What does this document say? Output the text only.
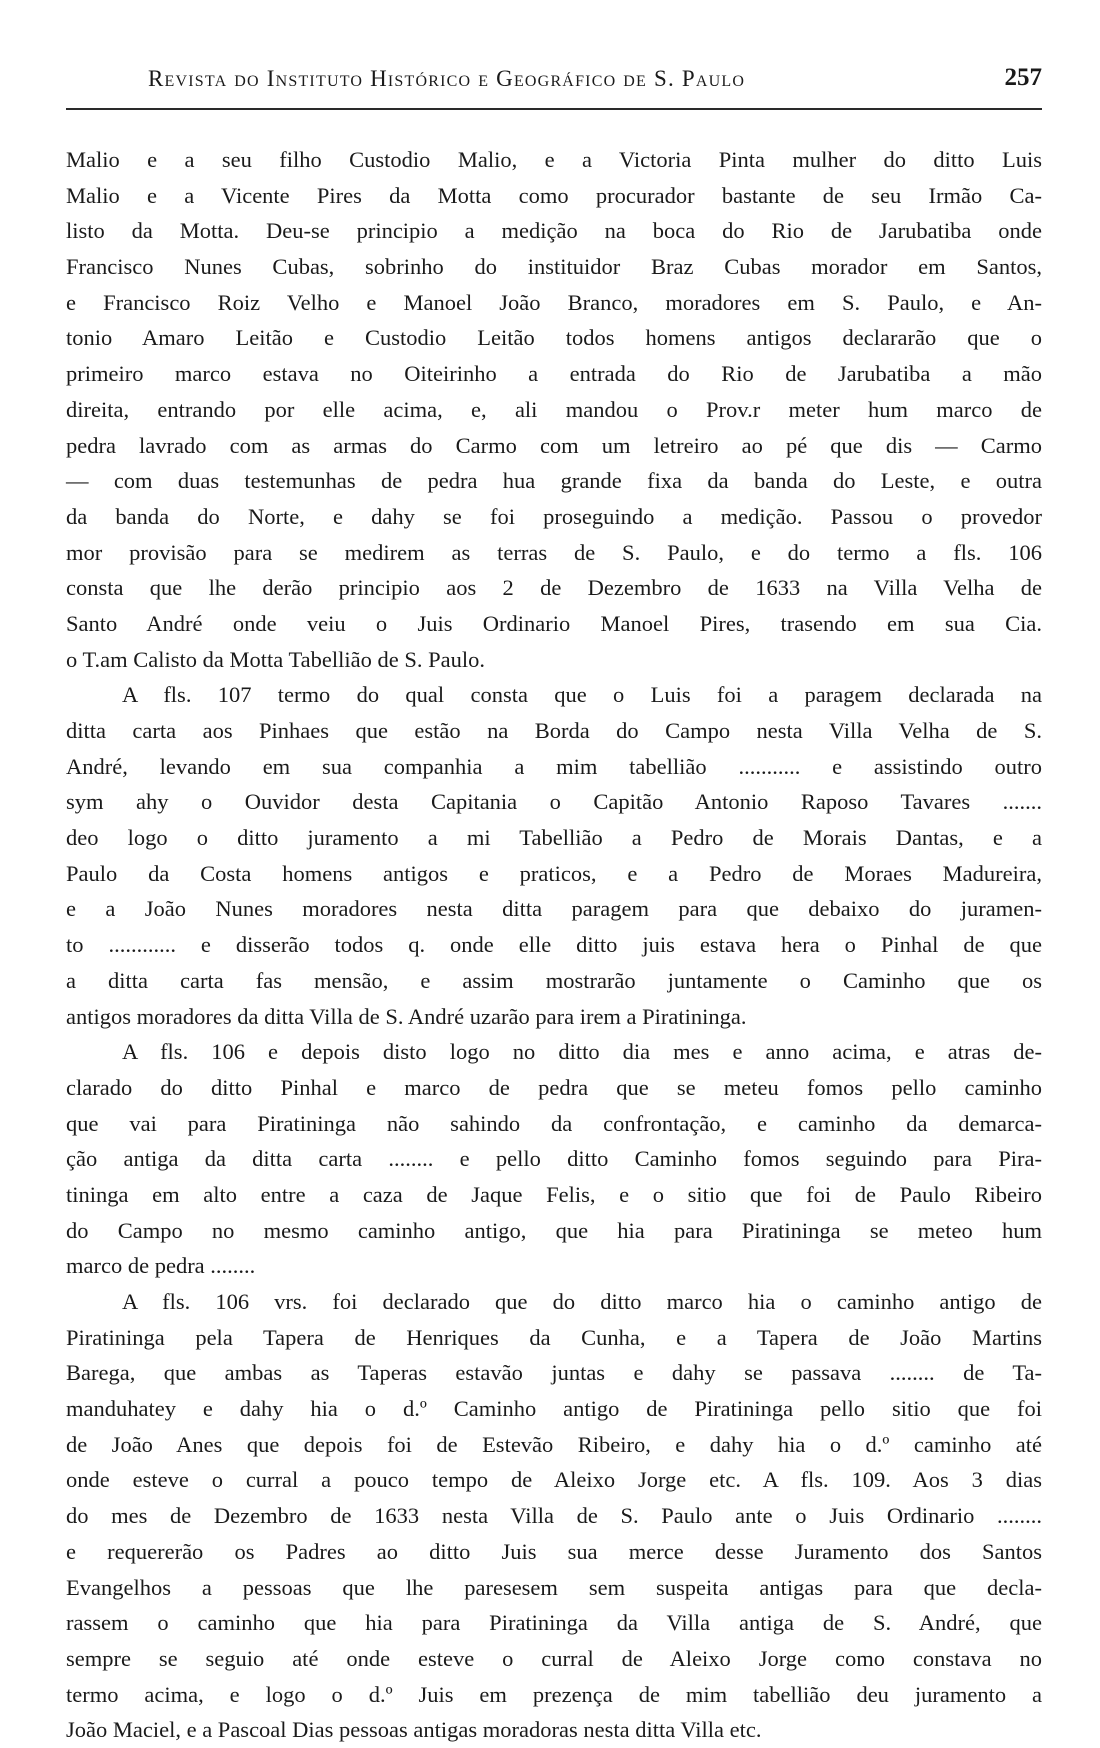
Revista do Instituto Histórico e Geográfico de S. Paulo	257
Malio e a seu filho Custodio Malio, e a Victoria Pinta mulher do ditto Luis
Malio e a Vicente Pires da Motta como procurador bastante de seu Irmão Ca-
listo da Motta. Deu-se principio a medição na boca do Rio de Jarubatiba onde
Francisco Nunes Cubas, sobrinho do instituidor Braz Cubas morador em Santos,
e Francisco Roiz Velho e Manoel João Branco, moradores em S. Paulo, e An-
tonio Amaro Leitão e Custodio Leitão todos homens antigos declararão que o
primeiro marco estava no Oiteirinho a entrada do Rio de Jarubatiba a mão
direita, entrando por elle acima, e, ali mandou o Prov.r meter hum marco de
pedra lavrado com as armas do Carmo com um letreiro ao pé que dis — Carmo
— com duas testemunhas de pedra hua grande fixa da banda do Leste, e outra
da banda do Norte, e dahy se foi proseguindo a medição. Passou o provedor
mor provisão para se medirem as terras de S. Paulo, e do termo a fls. 106
consta que lhe derão principio aos 2 de Dezembro de 1633 na Villa Velha de
Santo André onde veiu o Juis Ordinario Manoel Pires, trasendo em sua Cia.
o T.am Calisto da Motta Tabellião de S. Paulo.
A fls. 107 termo do qual consta que o Luis foi a paragem declarada na
ditta carta aos Pinhaes que estão na Borda do Campo nesta Villa Velha de S.
André, levando em sua companhia a mim tabellião ........... e assistindo outro
sym ahy o Ouvidor desta Capitania o Capitão Antonio Raposo Tavares .......
deo logo o ditto juramento a mi Tabellião a Pedro de Morais Dantas, e a
Paulo da Costa homens antigos e praticos, e a Pedro de Moraes Madureira,
e a João Nunes moradores nesta ditta paragem para que debaixo do juramen-
to ............ e disserão todos q. onde elle ditto juis estava hera o Pinhal de que
a ditta carta fas mensão, e assim mostrarão juntamente o Caminho que os
antigos moradores da ditta Villa de S. André uzarão para irem a Piratininga.
A fls. 106 e depois disto logo no ditto dia mes e anno acima, e atras de-
clarado do ditto Pinhal e marco de pedra que se meteu fomos pello caminho
que vai para Piratininga não sahindo da confrontação, e caminho da demarca-
ção antiga da ditta carta ........ e pello ditto Caminho fomos seguindo para Pira-
tininga em alto entre a caza de Jaque Felis, e o sitio que foi de Paulo Ribeiro
do Campo no mesmo caminho antigo, que hia para Piratininga se meteo hum
marco de pedra ........
A fls. 106 vrs. foi declarado que do ditto marco hia o caminho antigo de
Piratininga pela Tapera de Henriques da Cunha, e a Tapera de João Martins
Barega, que ambas as Taperas estavão juntas e dahy se passava ........ de Ta-
manduhatey e dahy hia o d.º Caminho antigo de Piratininga pello sitio que foi
de João Anes que depois foi de Estevão Ribeiro, e dahy hia o d.º caminho até
onde esteve o curral a pouco tempo de Aleixo Jorge etc. A fls. 109. Aos 3 dias
do mes de Dezembro de 1633 nesta Villa de S. Paulo ante o Juis Ordinario ........
e requererão os Padres ao ditto Juis sua merce desse Juramento dos Santos
Evangelhos a pessoas que lhe paresesem sem suspeita antigas para que decla-
rassem o caminho que hia para Piratininga da Villa antiga de S. André, que
sempre se seguio até onde esteve o curral de Aleixo Jorge como constava no
termo acima, e logo o d.º Juis em prezença de mim tabellião deu juramento a
João Maciel, e a Pascoal Dias pessoas antigas moradoras nesta ditta Villa etc.
